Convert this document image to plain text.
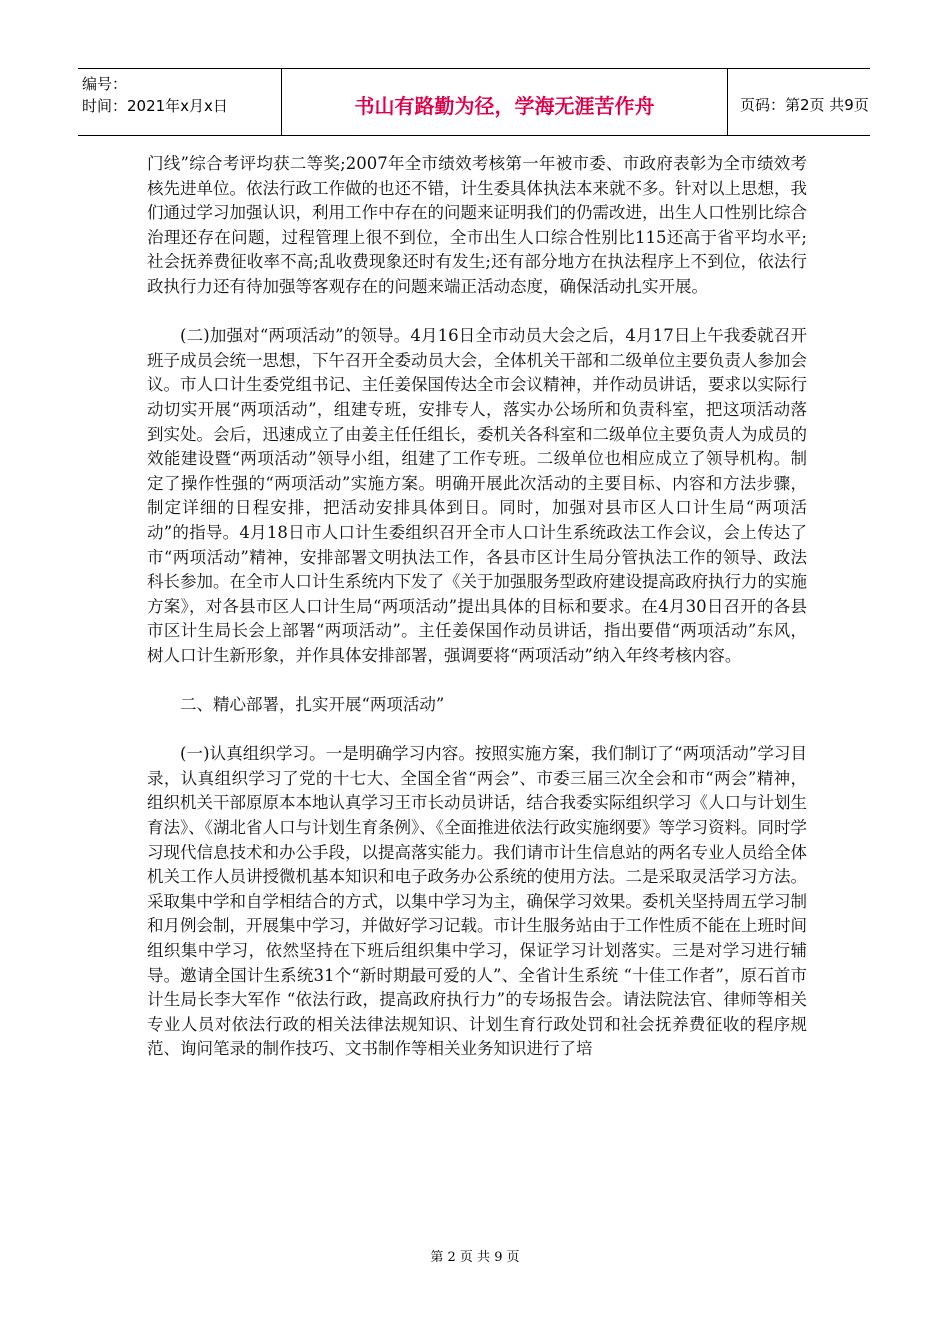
编号：
时间：2021年x月x日	书山有路勤为径，学海无涯苦作舟	页码：第2页 共9页

门线”综合考评均获二等奖;2007年全市绩效考核第一年被市委、市政府表彰为全市绩效考核先进单位。依法行政工作做的也还不错，计生委具体执法本来就不多。针对以上思想，我们通过学习加强认识，利用工作中存在的问题来证明我们的仍需改进，出生人口性别比综合治理还存在问题，过程管理上很不到位，全市出生人口综合性别比115还高于省平均水平;社会抚养费征收率不高;乱收费现象还时有发生;还有部分地方在执法程序上不到位，依法行政执行力还有待加强等客观存在的问题来端正活动态度，确保活动扎实开展。

(二)加强对“两项活动”的领导。4月16日全市动员大会之后，4月17日上午我委就召开班子成员会统一思想，下午召开全委动员大会，全体机关干部和二级单位主要负责人参加会议。市人口计生委党组书记、主任姜保国传达全市会议精神，并作动员讲话，要求以实际行动切实开展“两项活动”，组建专班，安排专人，落实办公场所和负责科室，把这项活动落到实处。会后，迅速成立了由姜主任任组长，委机关各科室和二级单位主要负责人为成员的效能建设暨“两项活动”领导小组，组建了工作专班。二级单位也相应成立了领导机构。制定了操作性强的“两项活动”实施方案。明确开展此次活动的主要目标、内容和方法步骤，制定详细的日程安排，把活动安排具体到日。同时，加强对县市区人口计生局“两项活动”的指导。4月18日市人口计生委组织召开全市人口计生系统政法工作会议，会上传达了市“两项活动”精神，安排部署文明执法工作，各县市区计生局分管执法工作的领导、政法科长参加。在全市人口计生系统内下发了《关于加强服务型政府建设提高政府执行力的实施方案》，对各县市区人口计生局“两项活动”提出具体的目标和要求。在4月30日召开的各县市区计生局长会上部署“两项活动”。主任姜保国作动员讲话，指出要借“两项活动”东风，树人口计生新形象，并作具体安排部署，强调要将“两项活动”纳入年终考核内容。

二、精心部署，扎实开展“两项活动”

(一)认真组织学习。一是明确学习内容。按照实施方案，我们制订了“两项活动”学习目录，认真组织学习了党的十七大、全国全省“两会”、市委三届三次全会和市“两会”精神，组织机关干部原原本本地认真学习王市长动员讲话，结合我委实际组织学习《人口与计划生育法》、《湖北省人口与计划生育条例》、《全面推进依法行政实施纲要》等学习资料。同时学习现代信息技术和办公手段，以提高落实能力。我们请市计生信息站的两名专业人员给全体机关工作人员讲授微机基本知识和电子政务办公系统的使用方法。二是采取灵活学习方法。采取集中学和自学相结合的方式，以集中学习为主，确保学习效果。委机关坚持周五学习制和月例会制，开展集中学习，并做好学习记载。市计生服务站由于工作性质不能在上班时间组织集中学习，依然坚持在下班后组织集中学习，保证学习计划落实。三是对学习进行辅导。邀请全国计生系统31个“新时期最可爱的人”、全省计生系统 “十佳工作者”，原石首市计生局长李大军作 “依法行政，提高政府执行力”的专场报告会。请法院法官、律师等相关专业人员对依法行政的相关法律法规知识、计划生育行政处罚和社会抚养费征收的程序规范、询问笔录的制作技巧、文书制作等相关业务知识进行了培

第 2 页 共 9 页
